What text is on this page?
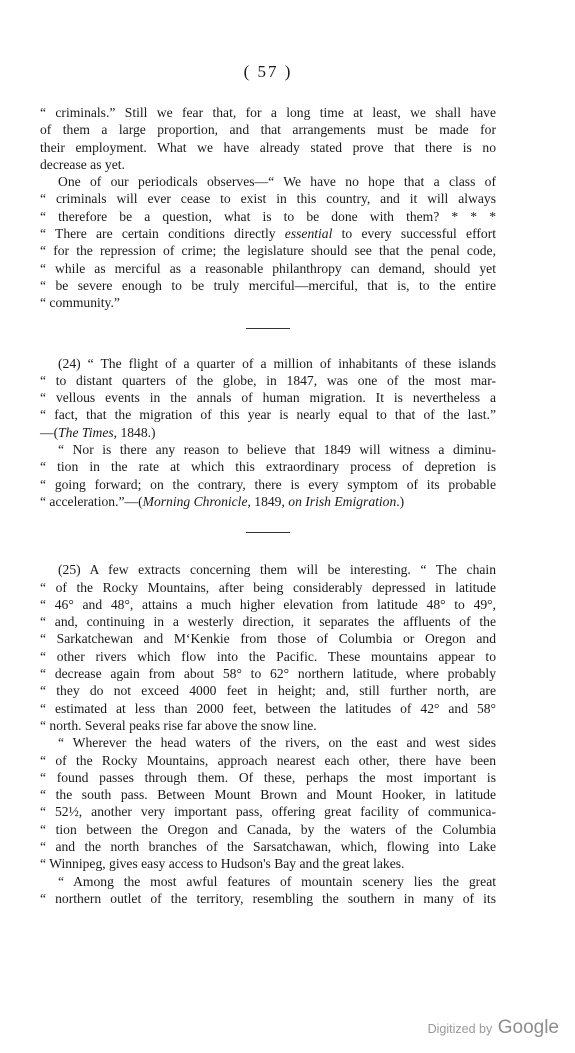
( 57 )
“ criminals.” Still we fear that, for a long time at least, we shall have
of them a large proportion, and that arrangements must be made for
their employment. What we have already stated prove that there is no
decrease as yet.
One of our periodicals observes—“ We have no hope that a class of
“ criminals will ever cease to exist in this country, and it will always
“ therefore be a question, what is to be done with them? * * *
“ There are certain conditions directly essential to every successful effort
“ for the repression of crime; the legislature should see that the penal code,
“ while as merciful as a reasonable philanthropy can demand, should yet
“ be severe enough to be truly merciful—merciful, that is, to the entire
“ community.”
(24) “ The flight of a quarter of a million of inhabitants of these islands
“ to distant quarters of the globe, in 1847, was one of the most mar-
“ vellous events in the annals of human migration. It is nevertheless a
“ fact, that the migration of this year is nearly equal to that of the last.”
—(The Times, 1848.)
“ Nor is there any reason to believe that 1849 will witness a diminu-
“ tion in the rate at which this extraordinary process of depretion is
“ going forward; on the contrary, there is every symptom of its probable
“ acceleration.”—(Morning Chronicle, 1849, on Irish Emigration.)
(25) A few extracts concerning them will be interesting. “ The chain
“ of the Rocky Mountains, after being considerably depressed in latitude
“ 46° and 48°, attains a much higher elevation from latitude 48° to 49°,
“ and, continuing in a westerly direction, it separates the affluents of the
“ Sarkatchewan and M‘Kenkie from those of Columbia or Oregon and
“ other rivers which flow into the Pacific. These mountains appear to
“ decrease again from about 58° to 62° northern latitude, where probably
“ they do not exceed 4000 feet in height; and, still further north, are
“ estimated at less than 2000 feet, between the latitudes of 42° and 58°
“ north. Several peaks rise far above the snow line.
“ Wherever the head waters of the rivers, on the east and west sides
“ of the Rocky Mountains, approach nearest each other, there have been
“ found passes through them. Of these, perhaps the most important is
“ the south pass. Between Mount Brown and Mount Hooker, in latitude
“ 52½, another very important pass, offering great facility of communica-
“ tion between the Oregon and Canada, by the waters of the Columbia
“ and the north branches of the Sarsatchawan, which, flowing into Lake
“ Winnipeg, gives easy access to Hudson's Bay and the great lakes.
“ Among the most awful features of mountain scenery lies the great
“ northern outlet of the territory, resembling the southern in many of its
Digitized by Google
